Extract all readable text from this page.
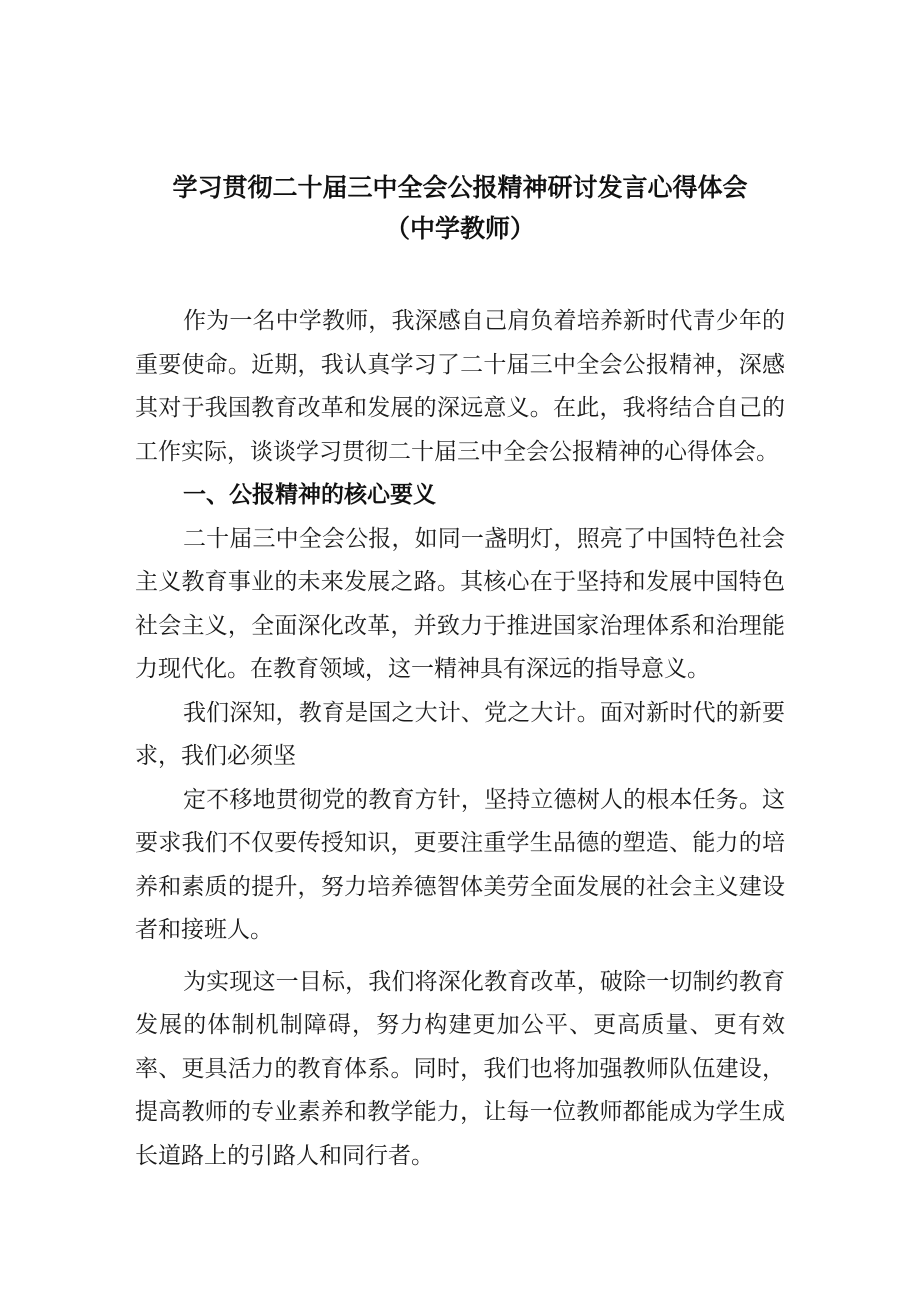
学习贯彻二十届三中全会公报精神研讨发言心得体会
（中学教师）

作为一名中学教师，我深感自己肩负着培养新时代青少年的重要使命。近期，我认真学习了二十届三中全会公报精神，深感其对于我国教育改革和发展的深远意义。在此，我将结合自己的工作实际，谈谈学习贯彻二十届三中全会公报精神的心得体会。

一、公报精神的核心要义

二十届三中全会公报，如同一盏明灯，照亮了中国特色社会主义教育事业的未来发展之路。其核心在于坚持和发展中国特色社会主义，全面深化改革，并致力于推进国家治理体系和治理能力现代化。在教育领域，这一精神具有深远的指导意义。

我们深知，教育是国之大计、党之大计。面对新时代的新要求，我们必须坚

定不移地贯彻党的教育方针，坚持立德树人的根本任务。这要求我们不仅要传授知识，更要注重学生品德的塑造、能力的培养和素质的提升，努力培养德智体美劳全面发展的社会主义建设者和接班人。

为实现这一目标，我们将深化教育改革，破除一切制约教育发展的体制机制障碍，努力构建更加公平、更高质量、更有效率、更具活力的教育体系。同时，我们也将加强教师队伍建设，提高教师的专业素养和教学能力，让每一位教师都能成为学生成长道路上的引路人和同行者。
